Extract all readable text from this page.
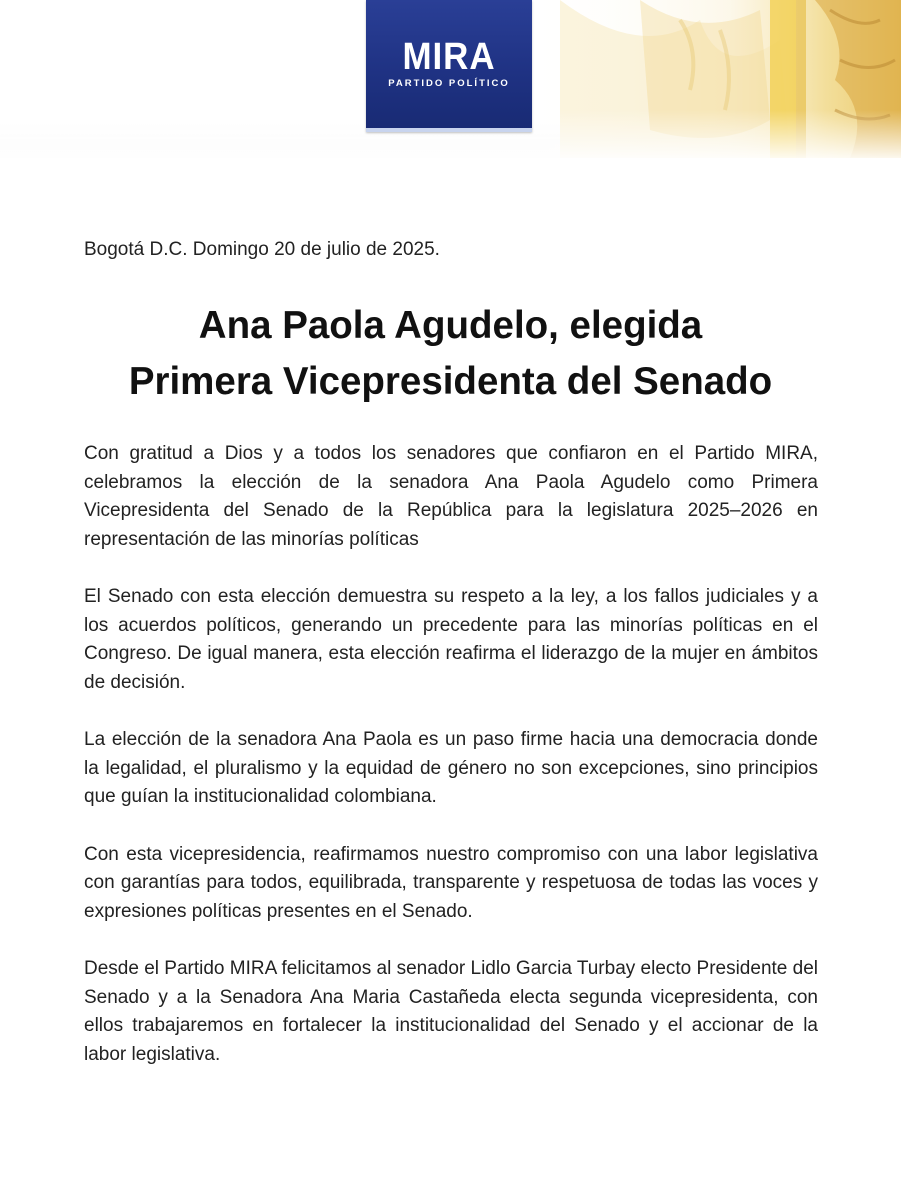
MIRA
PARTIDO POLÍTICO
Bogotá D.C. Domingo 20 de julio de 2025.
Ana Paola Agudelo, elegida
Primera Vicepresidenta del Senado

Con gratitud a Dios y a todos los senadores que confiaron en el Partido MIRA, celebramos la elección de la senadora Ana Paola Agudelo como Primera Vicepresidenta del Senado de la República para la legislatura 2025–2026 en representación de las minorías políticas

El Senado con esta elección demuestra su respeto a la ley, a los fallos judiciales y a los acuerdos políticos, generando un precedente para las minorías políticas en el Congreso. De igual manera, esta elección reafirma el liderazgo de la mujer en ámbitos de decisión.

La elección de la senadora Ana Paola es un paso firme hacia una democracia donde la legalidad, el pluralismo y la equidad de género no son excepciones, sino principios que guían la institucionalidad colombiana.

Con esta vicepresidencia, reafirmamos nuestro compromiso con una labor legislativa con garantías para todos, equilibrada, transparente y respetuosa de todas las voces y expresiones políticas presentes en el Senado.

Desde el Partido MIRA felicitamos al senador Lidlo Garcia Turbay electo Presidente del Senado y a la Senadora Ana Maria Castañeda electa segunda vicepresidenta, con ellos trabajaremos en fortalecer la institucionalidad del Senado y el accionar de la labor legislativa.
